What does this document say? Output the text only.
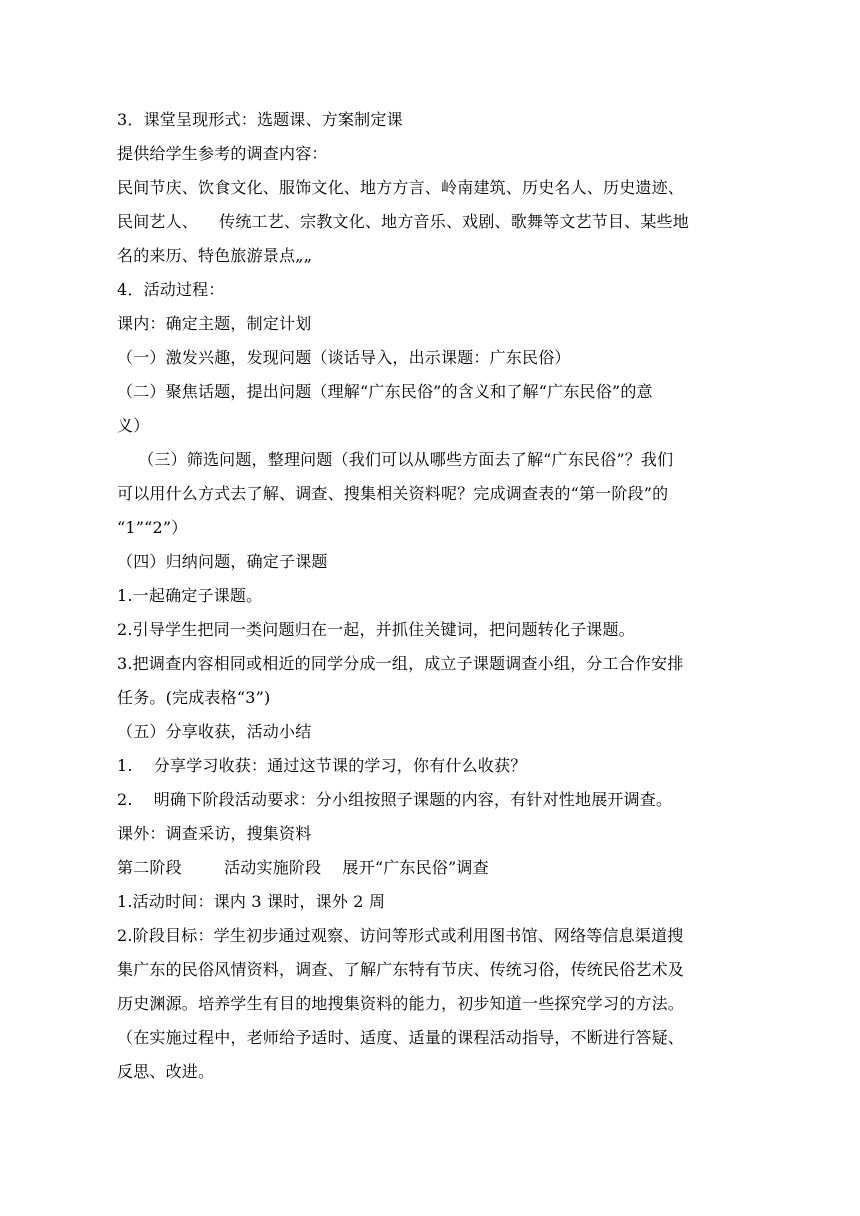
3．课堂呈现形式：选题课、方案制定课
提供给学生参考的调查内容：
民间节庆、饮食文化、服饰文化、地方方言、岭南建筑、历史名人、历史遗迹、
民间艺人、    传统工艺、宗教文化、地方音乐、戏剧、歌舞等文艺节目、某些地
名的来历、特色旅游景点„„
4．活动过程：
课内：确定主题，制定计划
（一）激发兴趣，发现问题（谈话导入，出示课题：广东民俗）
（二）聚焦话题，提出问题（理解“广东民俗”的含义和了解“广东民俗”的意
义）
（三）筛选问题，整理问题（我们可以从哪些方面去了解“广东民俗”？我们
可以用什么方式去了解、调查、搜集相关资料呢？完成调查表的“第一阶段”的
“1”“2”）
（四）归纳问题，确定子课题
1.一起确定子课题。
2.引导学生把同一类问题归在一起，并抓住关键词，把问题转化子课题。
3.把调查内容相同或相近的同学分成一组，成立子课题调查小组，分工合作安排
任务。(完成表格“3”)
（五）分享收获，活动小结
1.    分享学习收获：通过这节课的学习，你有什么收获？
2.    明确下阶段活动要求：分小组按照子课题的内容，有针对性地展开调查。
课外：调查采访，搜集资料
第二阶段        活动实施阶段    展开“广东民俗”调查
1.活动时间：课内 3 课时，课外 2 周
2.阶段目标：学生初步通过观察、访问等形式或利用图书馆、网络等信息渠道搜
集广东的民俗风情资料，调查、了解广东特有节庆、传统习俗，传统民俗艺术及
历史渊源。培养学生有目的地搜集资料的能力，初步知道一些探究学习的方法。
（在实施过程中，老师给予适时、适度、适量的课程活动指导，不断进行答疑、
反思、改进。
